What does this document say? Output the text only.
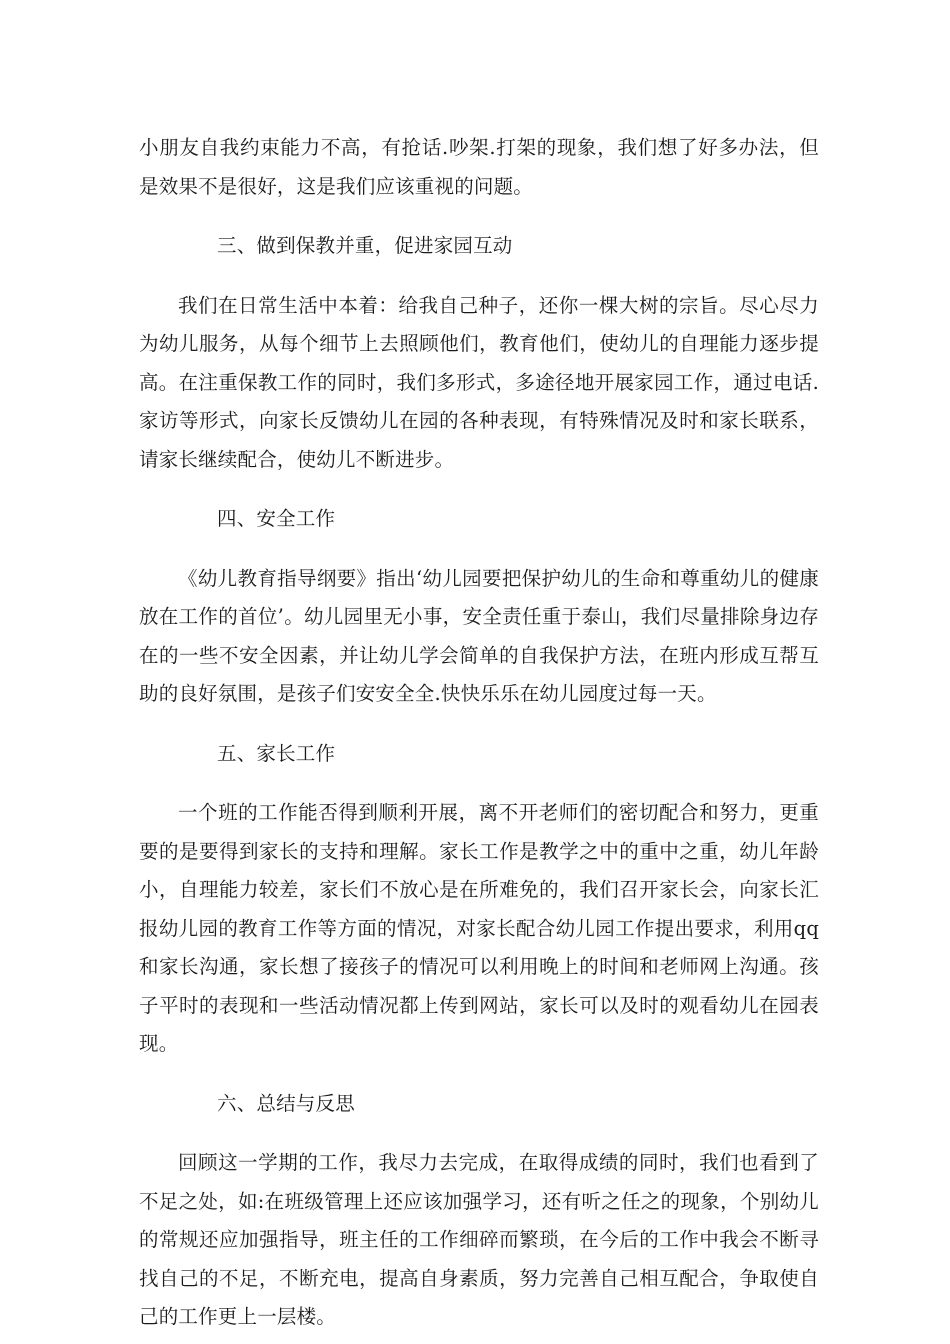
小朋友自我约束能力不高，有抢话.吵架.打架的现象，我们想了好多办法，但是效果不是很好，这是我们应该重视的问题。

三、做到保教并重，促进家园互动

我们在日常生活中本着：给我自己种子，还你一棵大树的宗旨。尽心尽力为幼儿服务，从每个细节上去照顾他们，教育他们，使幼儿的自理能力逐步提高。在注重保教工作的同时，我们多形式，多途径地开展家园工作，通过电话.家访等形式，向家长反馈幼儿在园的各种表现，有特殊情况及时和家长联系，请家长继续配合，使幼儿不断进步。

四、安全工作

《幼儿教育指导纲要》指出‘幼儿园要把保护幼儿的生命和尊重幼儿的健康放在工作的首位’。幼儿园里无小事，安全责任重于泰山，我们尽量排除身边存在的一些不安全因素，并让幼儿学会简单的自我保护方法，在班内形成互帮互助的良好氛围，是孩子们安安全全.快快乐乐在幼儿园度过每一天。

五、家长工作

一个班的工作能否得到顺利开展，离不开老师们的密切配合和努力，更重要的是要得到家长的支持和理解。家长工作是教学之中的重中之重，幼儿年龄小，自理能力较差，家长们不放心是在所难免的，我们召开家长会，向家长汇报幼儿园的教育工作等方面的情况，对家长配合幼儿园工作提出要求，利用qq和家长沟通，家长想了接孩子的情况可以利用晚上的时间和老师网上沟通。孩子平时的表现和一些活动情况都上传到网站，家长可以及时的观看幼儿在园表现。

六、总结与反思

回顾这一学期的工作，我尽力去完成，在取得成绩的同时，我们也看到了不足之处，如:在班级管理上还应该加强学习，还有听之任之的现象，个别幼儿的常规还应加强指导，班主任的工作细碎而繁琐，在今后的工作中我会不断寻找自己的不足，不断充电，提高自身素质，努力完善自己相互配合，争取使自己的工作更上一层楼。
